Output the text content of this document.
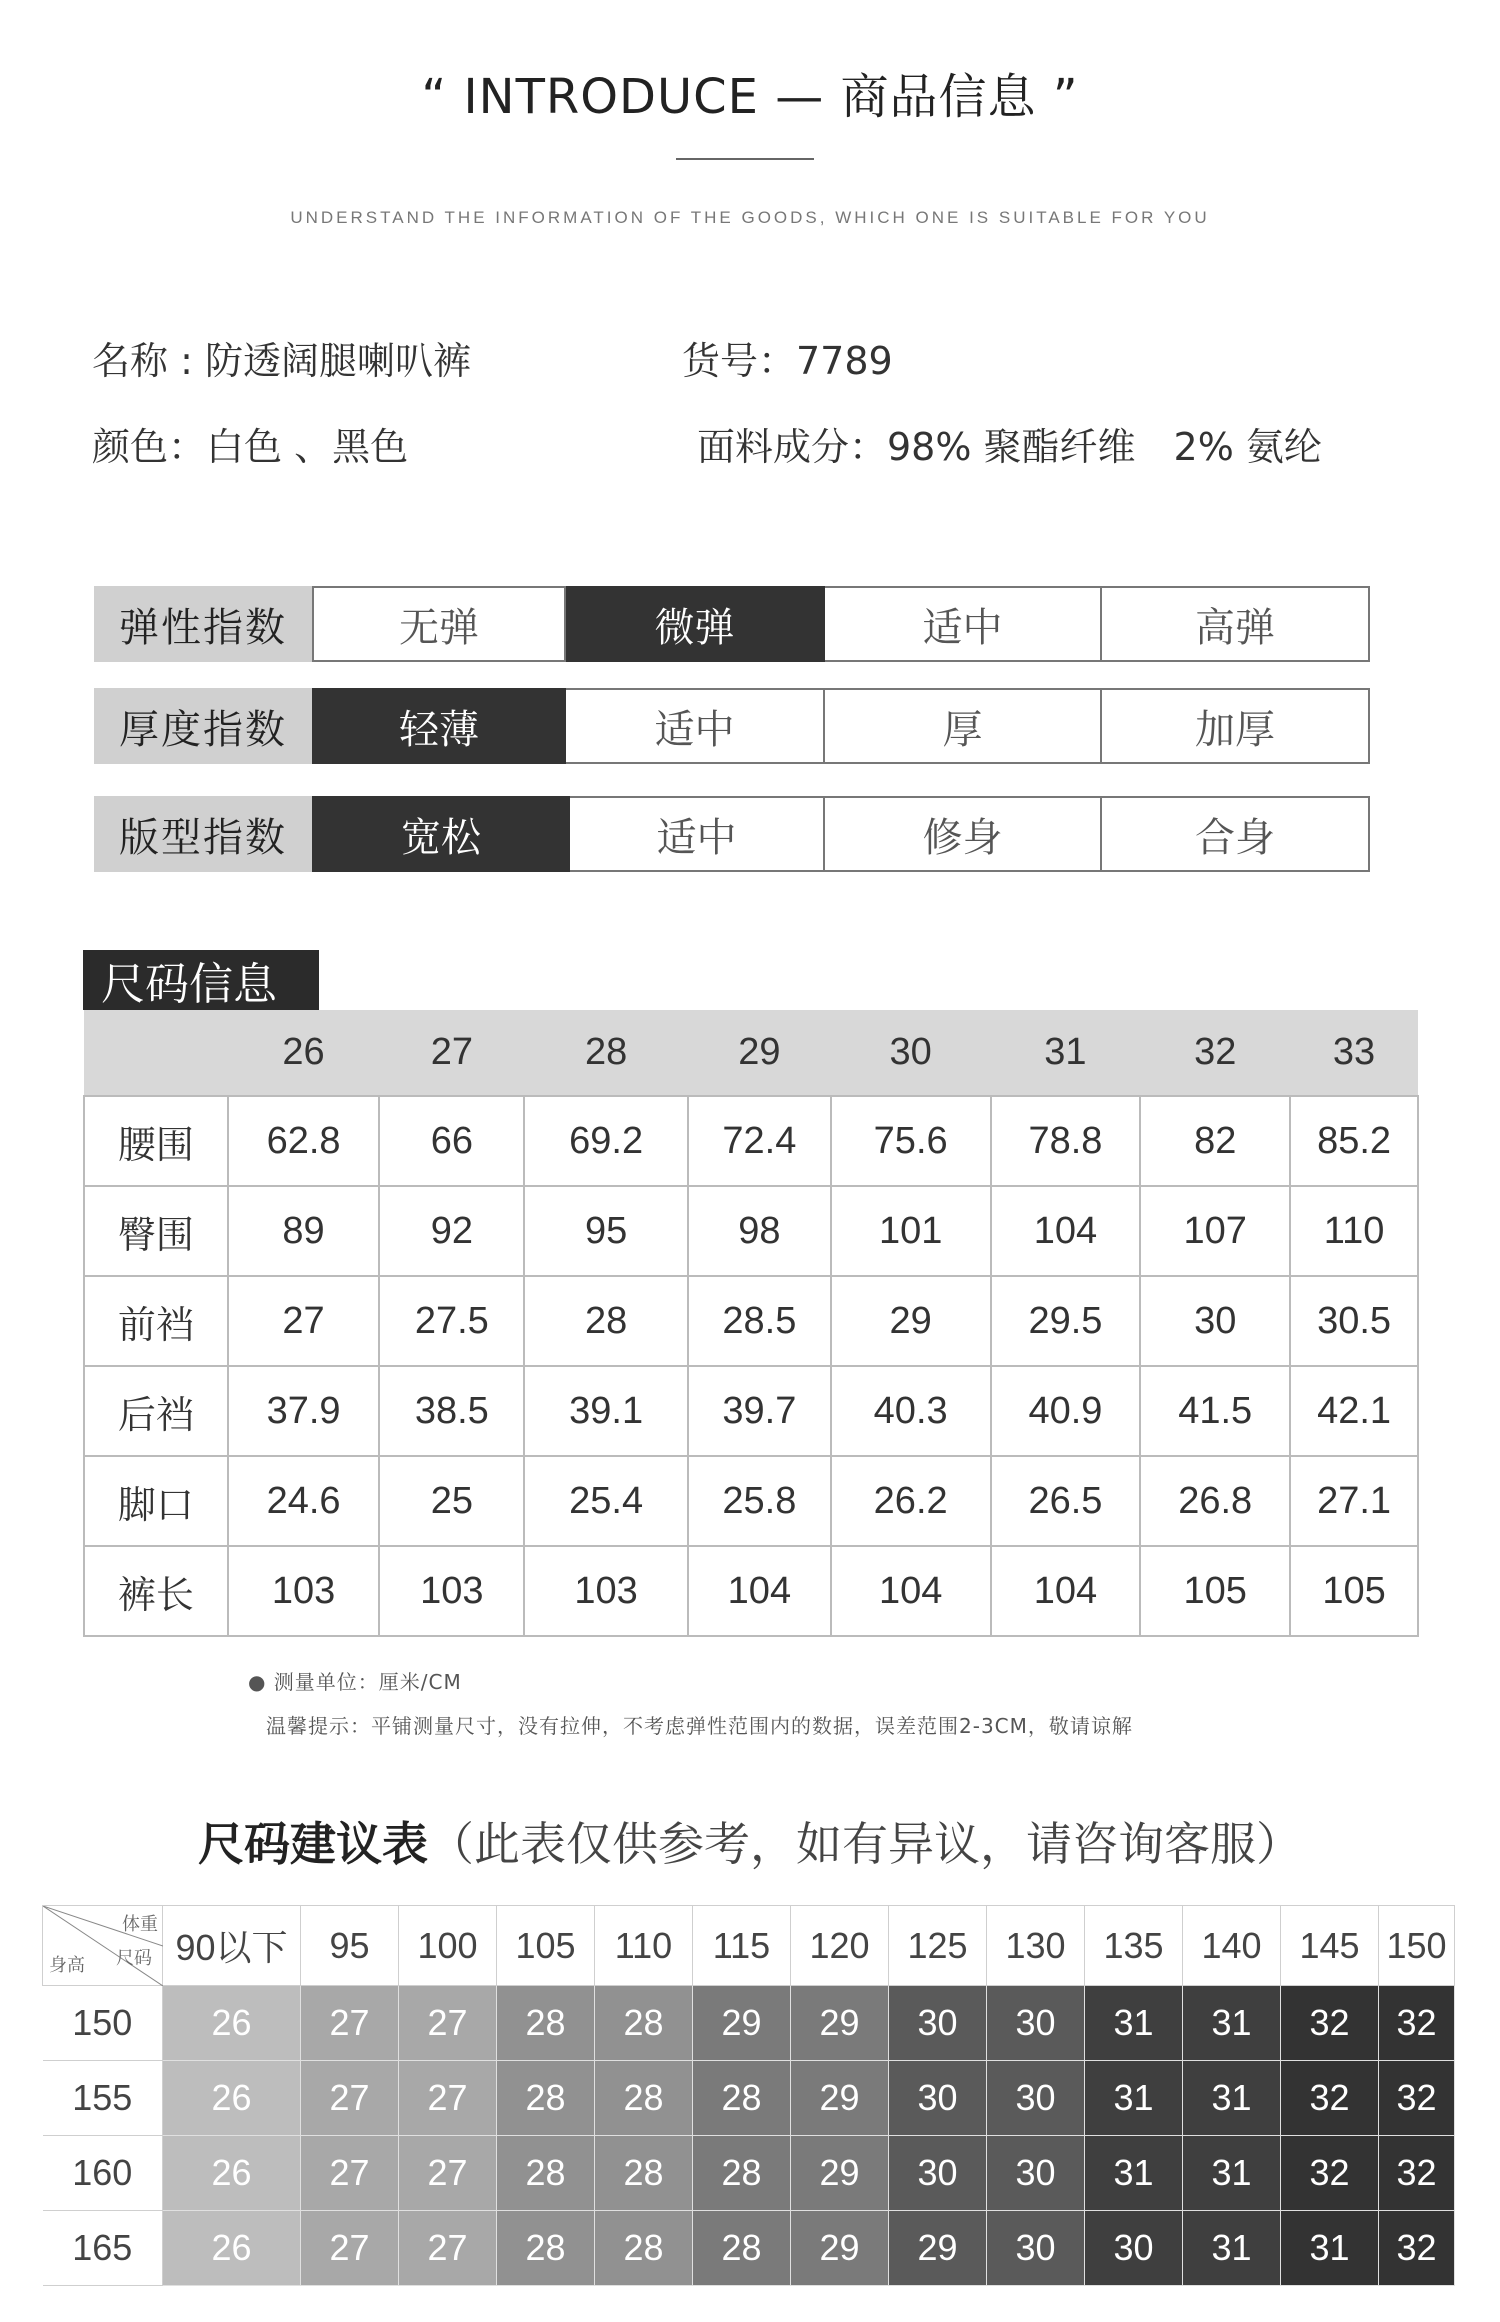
“ INTRODUCE — 商品信息 ”
UNDERSTAND THE INFORMATION OF THE GOODS, WHICH ONE IS SUITABLE FOR YOU
名称 : 防透阔腿喇叭裤	货号：7789
颜色：白色 、黑色	面料成分：98% 聚酯纤维　2% 氨纶
弹性指数	无弹	微弹	适中	高弹
厚度指数	轻薄	适中	厚	加厚
版型指数	宽松	适中	修身	合身
尺码信息
	26	27	28	29	30	31	32	33
腰围	62.8	66	69.2	72.4	75.6	78.8	82	85.2
臀围	89	92	95	98	101	104	107	110
前裆	27	27.5	28	28.5	29	29.5	30	30.5
后裆	37.9	38.5	39.1	39.7	40.3	40.9	41.5	42.1
脚口	24.6	25	25.4	25.8	26.2	26.5	26.8	27.1
裤长	103	103	103	104	104	104	105	105
● 测量单位：厘米/CM
温馨提示：平铺测量尺寸，没有拉伸，不考虑弹性范围内的数据，误差范围2-3CM，敬请谅解
尺码建议表（此表仅供参考，如有异议，请咨询客服）
体重
尺码
身高	90以下	95	100	105	110	115	120	125	130	135	140	145	150
150	26	27	27	28	28	29	29	30	30	31	31	32	32
155	26	27	27	28	28	28	29	30	30	31	31	32	32
160	26	27	27	28	28	28	29	30	30	31	31	32	32
165	26	27	27	28	28	28	29	29	30	30	31	31	32
